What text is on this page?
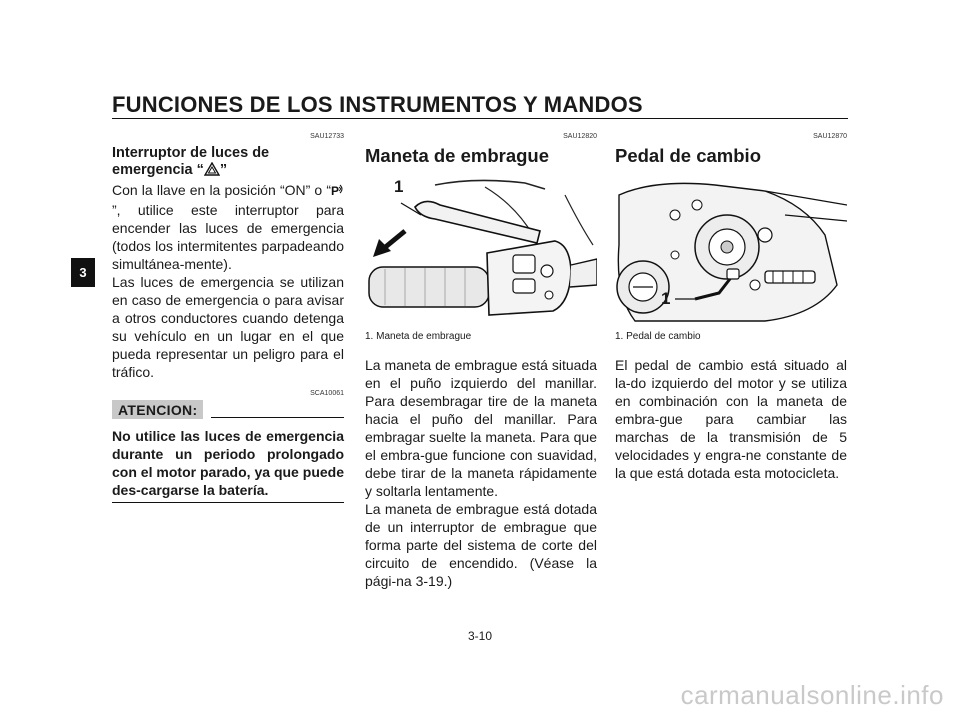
FUNCIONES DE LOS INSTRUMENTOS Y MANDOS
3

SAU12733

Interruptor de luces de
emergencia “ ”

Con la llave en la posición “ON” o “ P
”, utilice este interruptor para encender las luces de emergencia (todos los intermitentes parpadeando simultánea-mente).
Las luces de emergencia se utilizan en caso de emergencia o para avisar a otros conductores cuando detenga su vehículo en un lugar en el que pueda representar un peligro para el tráfico.

SCA10061

ATENCION:

No utilice las luces de emergencia durante un periodo prolongado con el motor parado, ya que puede des-cargarse la batería.

SAU12820

Maneta de embrague
1

1. Maneta de embrague

La maneta de embrague está situada en el puño izquierdo del manillar. Para desembragar tire de la maneta hacia el puño del manillar. Para embragar suelte la maneta. Para que el embra-gue funcione con suavidad, debe tirar de la maneta rápidamente y soltarla lentamente.
La maneta de embrague está dotada de un interruptor de embrague que forma parte del sistema de corte del circuito de encendido. (Véase la pági-na 3-19.)

SAU12870

Pedal de cambio
1

1. Pedal de cambio

El pedal de cambio está situado al la-do izquierdo del motor y se utiliza en combinación con la maneta de embra-gue para cambiar las marchas de la transmisión de 5 velocidades y engra-ne constante de la que está dotada esta motocicleta.

3-10

carmanualsonline.info
